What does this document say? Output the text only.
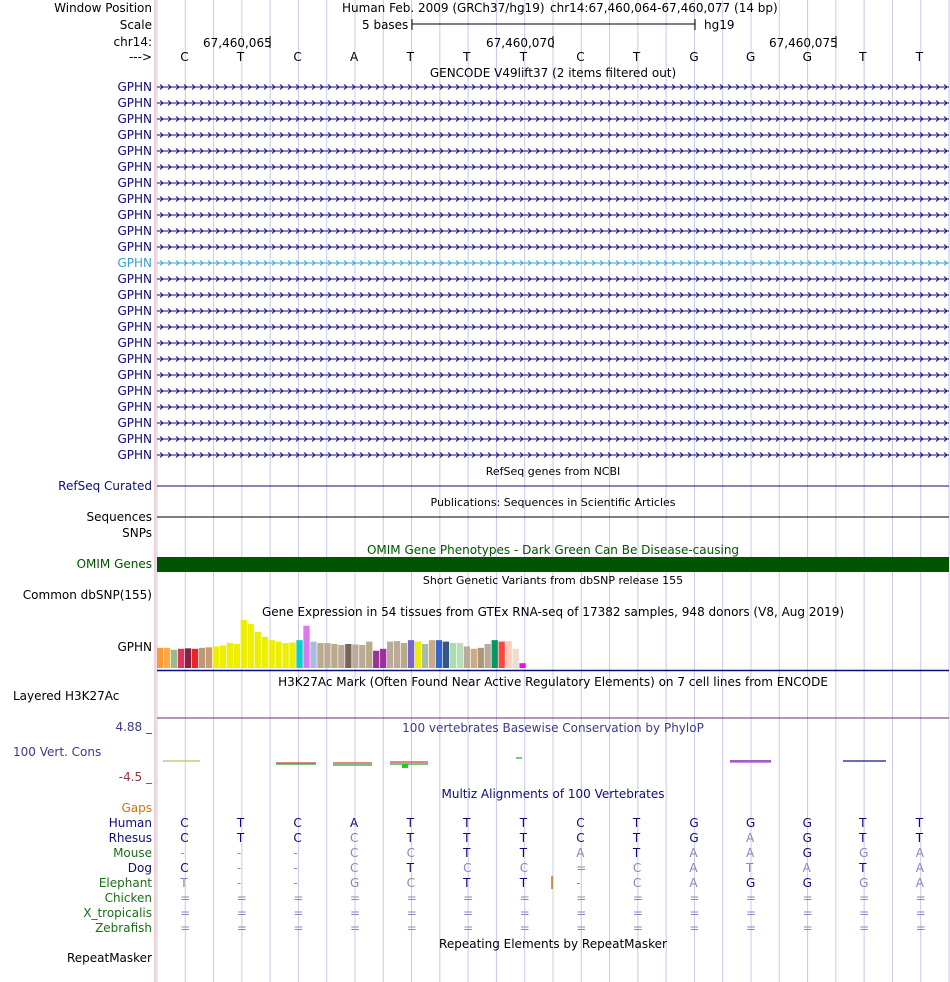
Window Position
Scale
chr14:
--->
Human Feb. 2009 (GRCh37/hg19) chr14:67,460,064-67,460,077 (14 bp)
5 bases	hg19
67,460,065	67,460,070	67,460,075
C	T	C	A	T	T	T	C	T	G	G	G	T	T
GENCODE V49lift37 (2 items filtered out)
GPHN
GPHN
GPHN
GPHN
GPHN
GPHN
GPHN
GPHN
GPHN
GPHN
GPHN
GPHN
GPHN
GPHN
GPHN
GPHN
GPHN
GPHN
GPHN
GPHN
GPHN
GPHN
GPHN
GPHN
RefSeq genes from NCBI
RefSeq Curated
Publications: Sequences in Scientific Articles
Sequences
SNPs
OMIM Gene Phenotypes - Dark Green Can Be Disease-causing
OMIM Genes
Short Genetic Variants from dbSNP release 155
Common dbSNP(155)
Gene Expression in 54 tissues from GTEx RNA-seq of 17382 samples, 948 donors (V8, Aug 2019)
GPHN
H3K27Ac Mark (Often Found Near Active Regulatory Elements) on 7 cell lines from ENCODE
Layered H3K27Ac
100 vertebrates Basewise Conservation by PhyloP
4.88 _
100 Vert. Cons
-4.5 _
Multiz Alignments of 100 Vertebrates
Gaps
Human C	T	C	A	T	T	T	C	T	G	G	G	T	T
Rhesus C	T	C	C	T	T	T	C	T	G	A	G	T	T
Mouse -	-	-	C	C	T	T	A	T	A	A	G	G	A
Dog C	-	-	C	T	C	C	=	C	A	T	A	T	A
Elephant T	-	-	G	C	T	T	-	C	A	G	G	G	A
Chicken =	=	=	=	=	=	=	=	=	=	=	=	=	=
X_tropicalis =	=	=	=	=	=	=	=	=	=	=	=	=	=
Zebrafish =	=	=	=	=	=	=	=	=	=	=	=	=	=
Repeating Elements by RepeatMasker
RepeatMasker
